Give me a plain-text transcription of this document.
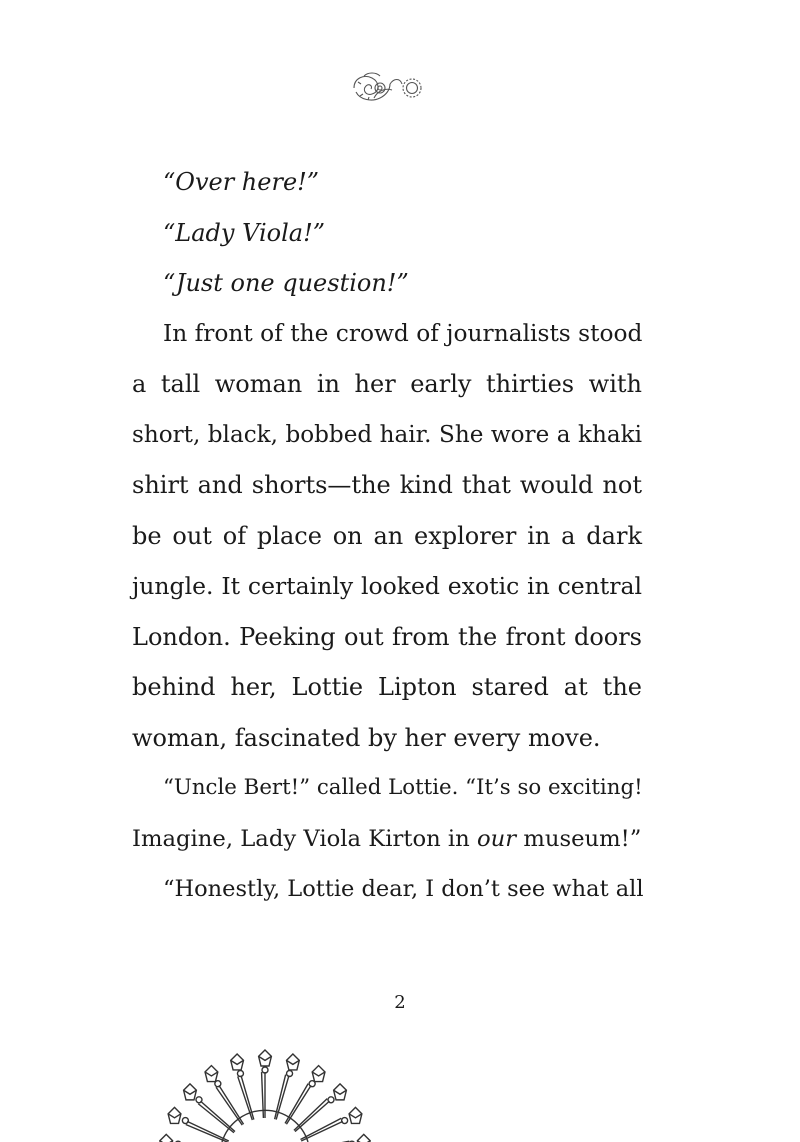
“Over here!”
“Lady Viola!”
“Just one question!”
In front of the crowd of journalists stood
a tall woman in her early thirties with
short, black, bobbed hair. She wore a khaki
shirt and shorts—the kind that would not
be out of place on an explorer in a dark
jungle. It certainly looked exotic in central
London. Peeking out from the front doors
behind her, Lottie Lipton stared at the
woman, fascinated by her every move.
“Uncle Bert!” called Lottie. “It’s so exciting!
Imagine, Lady Viola Kirton in our museum!”
“Honestly, Lottie dear, I don’t see what all
2
